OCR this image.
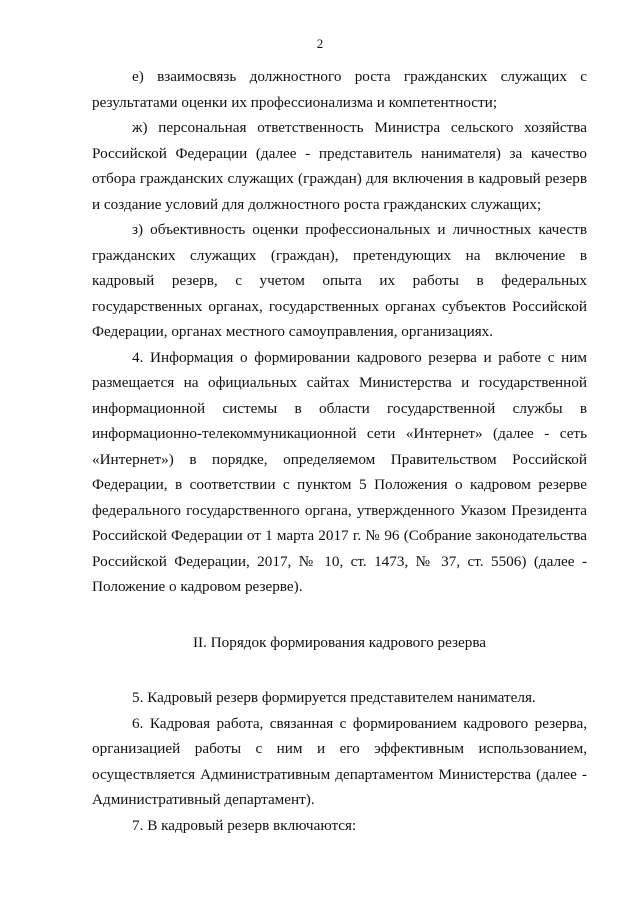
2

е) взаимосвязь должностного роста гражданских служащих с результатами оценки их профессионализма и компетентности;

ж) персональная ответственность Министра сельского хозяйства Российской Федерации (далее - представитель нанимателя) за качество отбора гражданских служащих (граждан) для включения в кадровый резерв и создание условий для должностного роста гражданских служащих;

з) объективность оценки профессиональных и личностных качеств гражданских служащих (граждан), претендующих на включение в кадровый резерв, с учетом опыта их работы в федеральных государственных органах, государственных органах субъектов Российской Федерации, органах местного самоуправления, организациях.

4. Информация о формировании кадрового резерва и работе с ним размещается на официальных сайтах Министерства и государственной информационной системы в области государственной службы в информационно-телекоммуникационной сети «Интернет» (далее - сеть «Интернет») в порядке, определяемом Правительством Российской Федерации, в соответствии с пунктом 5 Положения о кадровом резерве федерального государственного органа, утвержденного Указом Президента Российской Федерации от 1 марта 2017 г. № 96 (Собрание законодательства Российской Федерации, 2017, № 10, ст. 1473, № 37, ст. 5506) (далее - Положение о кадровом резерве).

II. Порядок формирования кадрового резерва

5. Кадровый резерв формируется представителем нанимателя.

6. Кадровая работа, связанная с формированием кадрового резерва, организацией работы с ним и его эффективным использованием, осуществляется Административным департаментом Министерства (далее - Административный департамент).

7. В кадровый резерв включаются:
